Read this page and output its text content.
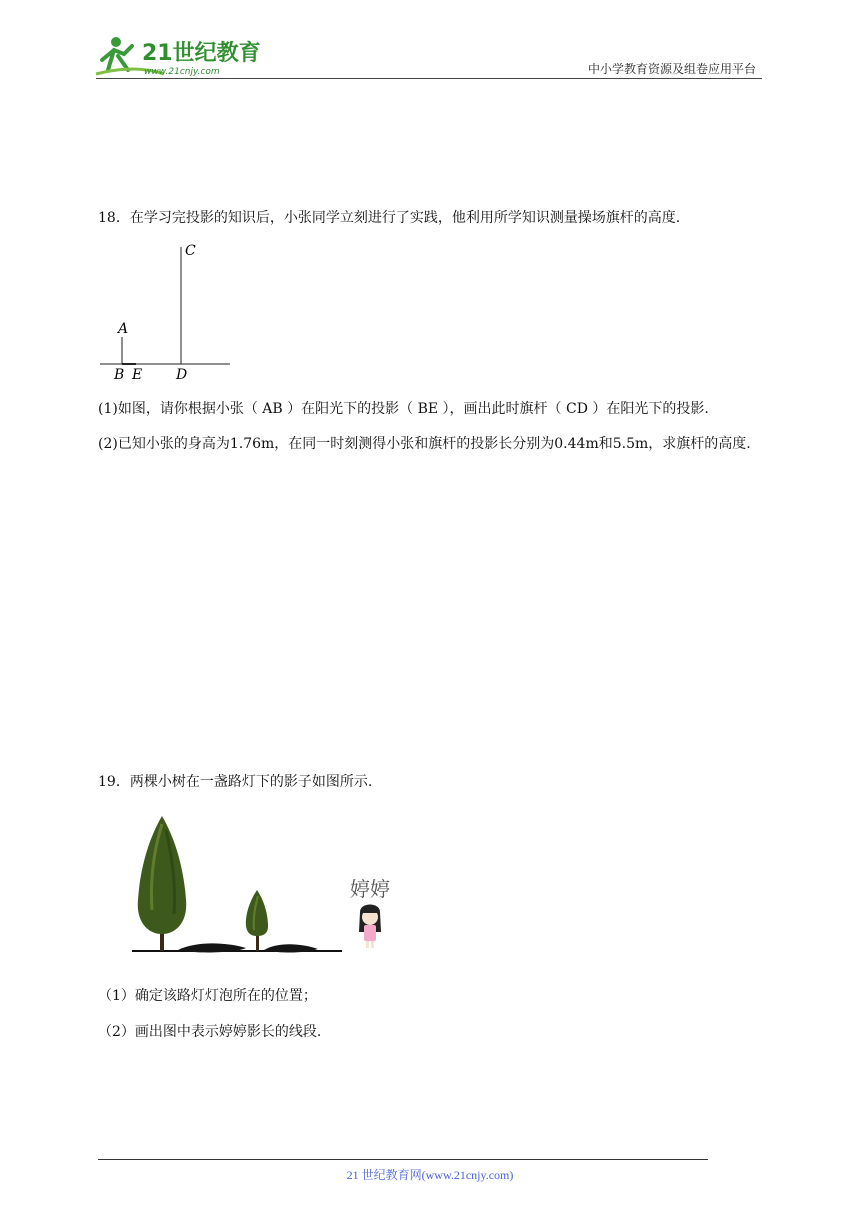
21世纪教育
www.21cnjy.com	中小学教育资源及组卷应用平台
18．在学习完投影的知识后，小张同学立刻进行了实践，他利用所学知识测量操场旗杆的高度.
C
A
B E D
(1)如图，请你根据小张（ AB ）在阳光下的投影（ BE ），画出此时旗杆（ CD ）在阳光下的投影.
(2)已知小张的身高为1.76m，在同一时刻测得小张和旗杆的投影长分别为0.44m和5.5m，求旗杆的高度.
19．两棵小树在一盏路灯下的影子如图所示.
婷婷
（1）确定该路灯灯泡所在的位置；
（2）画出图中表示婷婷影长的线段.
21 世纪教育网(www.21cnjy.com)
